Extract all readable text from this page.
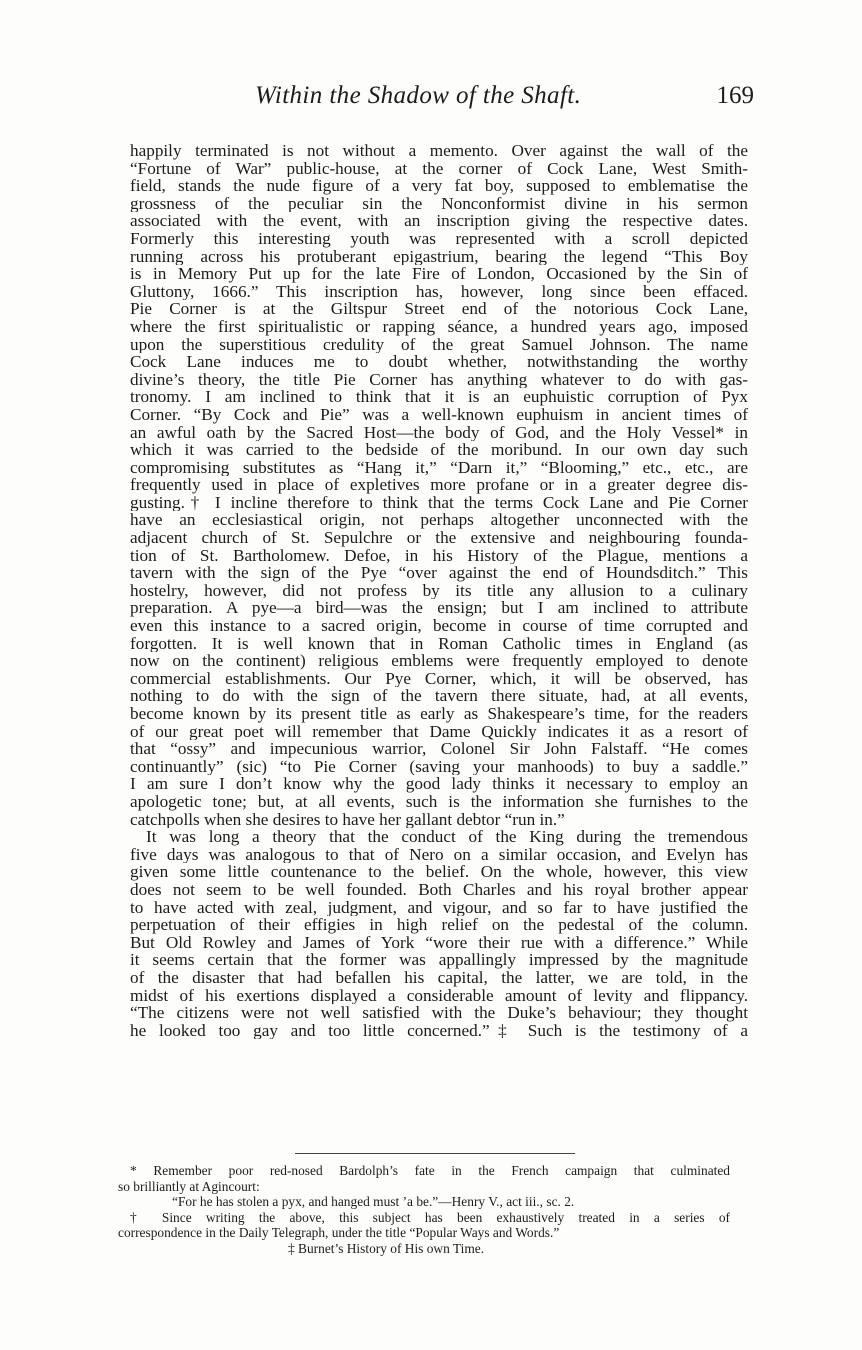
Within the Shadow of the Shaft.	169
happily terminated is not without a memento. Over against the wall of the
“Fortune of War” public-house, at the corner of Cock Lane, West Smith-
field, stands the nude figure of a very fat boy, supposed to emblematise the
grossness of the peculiar sin the Nonconformist divine in his sermon
associated with the event, with an inscription giving the respective dates.
Formerly this interesting youth was represented with a scroll depicted
running across his protuberant epigastrium, bearing the legend “This Boy
is in Memory Put up for the late Fire of London, Occasioned by the Sin of
Gluttony, 1666.” This inscription has, however, long since been effaced.
Pie Corner is at the Giltspur Street end of the notorious Cock Lane,
where the first spiritualistic or rapping séance, a hundred years ago, imposed
upon the superstitious credulity of the great Samuel Johnson. The name
Cock Lane induces me to doubt whether, notwithstanding the worthy
divine’s theory, the title Pie Corner has anything whatever to do with gas-
tronomy. I am inclined to think that it is an euphuistic corruption of Pyx
Corner. “By Cock and Pie” was a well-known euphuism in ancient times of
an awful oath by the Sacred Host—the body of God, and the Holy Vessel* in
which it was carried to the bedside of the moribund. In our own day such
compromising substitutes as “Hang it,” “Darn it,” “Blooming,” etc., etc., are
frequently used in place of expletives more profane or in a greater degree dis-
gusting.† I incline therefore to think that the terms Cock Lane and Pie Corner
have an ecclesiastical origin, not perhaps altogether unconnected with the
adjacent church of St. Sepulchre or the extensive and neighbouring founda-
tion of St. Bartholomew. Defoe, in his History of the Plague, mentions a
tavern with the sign of the Pye “over against the end of Houndsditch.” This
hostelry, however, did not profess by its title any allusion to a culinary
preparation. A pye—a bird—was the ensign; but I am inclined to attribute
even this instance to a sacred origin, become in course of time corrupted and
forgotten. It is well known that in Roman Catholic times in England (as
now on the continent) religious emblems were frequently employed to denote
commercial establishments. Our Pye Corner, which, it will be observed, has
nothing to do with the sign of the tavern there situate, had, at all events,
become known by its present title as early as Shakespeare’s time, for the readers
of our great poet will remember that Dame Quickly indicates it as a resort of
that “ossy” and impecunious warrior, Colonel Sir John Falstaff. “He comes
continuantly” (sic) “to Pie Corner (saving your manhoods) to buy a saddle.”
I am sure I don’t know why the good lady thinks it necessary to employ an
apologetic tone; but, at all events, such is the information she furnishes to the
catchpolls when she desires to have her gallant debtor “run in.”
It was long a theory that the conduct of the King during the tremendous
five days was analogous to that of Nero on a similar occasion, and Evelyn has
given some little countenance to the belief. On the whole, however, this view
does not seem to be well founded. Both Charles and his royal brother appear
to have acted with zeal, judgment, and vigour, and so far to have justified the
perpetuation of their effigies in high relief on the pedestal of the column.
But Old Rowley and James of York “wore their rue with a difference.” While
it seems certain that the former was appallingly impressed by the magnitude
of the disaster that had befallen his capital, the latter, we are told, in the
midst of his exertions displayed a considerable amount of levity and flippancy.
“The citizens were not well satisfied with the Duke’s behaviour; they thought
he looked too gay and too little concerned.”‡ Such is the testimony of a
* Remember poor red-nosed Bardolph’s fate in the French campaign that culminated
so brilliantly at Agincourt:
“For he has stolen a pyx, and hanged must ’a be.”—Henry V., act iii., sc. 2.
† Since writing the above, this subject has been exhaustively treated in a series of
correspondence in the Daily Telegraph, under the title “Popular Ways and Words.”
‡ Burnet’s History of His own Time.
